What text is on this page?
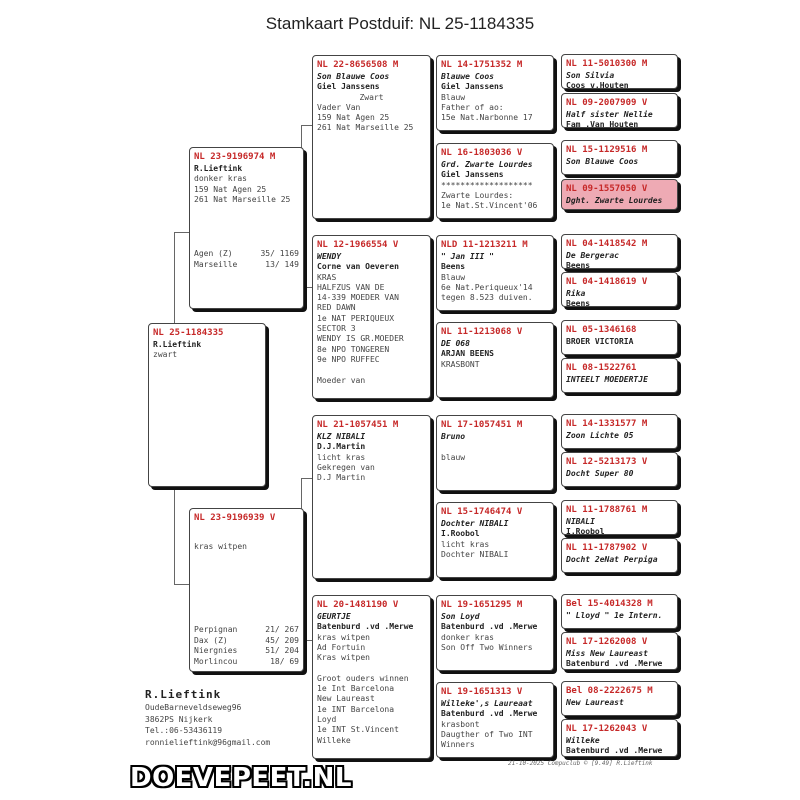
Stamkaart Postduif: NL 25-1184335
NL 25-1184335
R.Lieftink
zwart
NL 23-9196974 M
R.Lieftink
donker kras
159 Nat Agen 25
261 Nat Marseille 25
Agen (Z)	35/ 1169
Marseille	13/ 149
NL 23-9196939 V
kras witpen
Perpignan	21/ 267
Dax (Z)	45/ 209
Niergnies	51/ 204
Morlincou	18/ 69
NL 22-8656508 M
Son Blauwe Coos
Giel Janssens
Zwart
Vader Van
159 Nat Agen 25
261 Nat Marseille 25
NL 12-1966554 V
WENDY
Corne van Oeveren
KRAS
HALFZUS VAN DE
14-339 MOEDER VAN
RED DAWN
1e NAT PERIQUEUX
SECTOR 3
WENDY IS GR.MOEDER
8e NPO TONGEREN
9e NPO RUFFEC
Moeder van
NL 21-1057451 M
KLZ NIBALI
D.J.Martin
licht kras
Gekregen van
D.J Martin
NL 20-1481190 V
GEURTJE
Batenburd .vd .Merwe
kras witpen
Ad Fortuin
Kras witpen
Groot ouders winnen
1e Int Barcelona
New Laureast
1e INT Barcelona
Loyd
1e INT St.Vincent
Willeke
NL 14-1751352 M
Blauwe Coos
Giel Janssens
Blauw
Father of ao:
15e Nat.Narbonne 17
NL 16-1803036 V
Grd. Zwarte Lourdes
Giel Janssens
*******************
Zwarte Lourdes:
1e Nat.St.Vincent'06
NLD 11-1213211 M
" Jan III "
Beens
Blauw
6e Nat.Periqueux'14
tegen 8.523 duiven.
NL 11-1213068 V
DE 068
ARJAN BEENS
KRASBONT
NL 17-1057451 M
Bruno
blauw
NL 15-1746474 V
Dochter NIBALI
I.Roobol
licht kras
Dochter NIBALI
NL 19-1651295 M
Son Loyd
Batenburd .vd .Merwe
donker kras
Son Off Two Winners
NL 19-1651313 V
Willeke',s Laureaat
Batenburd .vd .Merwe
krasbont
Daugther of Two INT
Winners
NL 11-5010300 M
Son Silvia
Coos v.Houten
NL 09-2007909 V
Half sister Nellie
Fam .Van Houten
NL 15-1129516 M
Son Blauwe Coos
NL 09-1557050 V
Dght. Zwarte Lourdes
NL 04-1418542 M
De Bergerac
Beens
NL 04-1418619 V
Rika
Beens
NL 05-1346168
BROER VICTORIA
NL 08-1522761
INTEELT MOEDERTJE
NL 14-1331577 M
Zoon Lichte 05
NL 12-5213173 V
Docht Super 80
NL 11-1788761 M
NIBALI
I.Roobol
NL 11-1787902 V
Docht 2eNat Perpiga
Bel 15-4014328 M
" Lloyd " 1e Intern.
NL 17-1262008 V
Miss New Laureast
Batenburd .vd .Merwe
Bel 08-2222675 M
New Laureast
NL 17-1262043 V
Willeke
Batenburd .vd .Merwe
R.Lieftink
OudeBarneveldseweg96
3862PS Nijkerk
Tel.:06-53436119
ronnielieftink@96gmail.com
21-10-2025 Compuclub © [9.49] R.Lieftink
DOEVEPEET.NL
